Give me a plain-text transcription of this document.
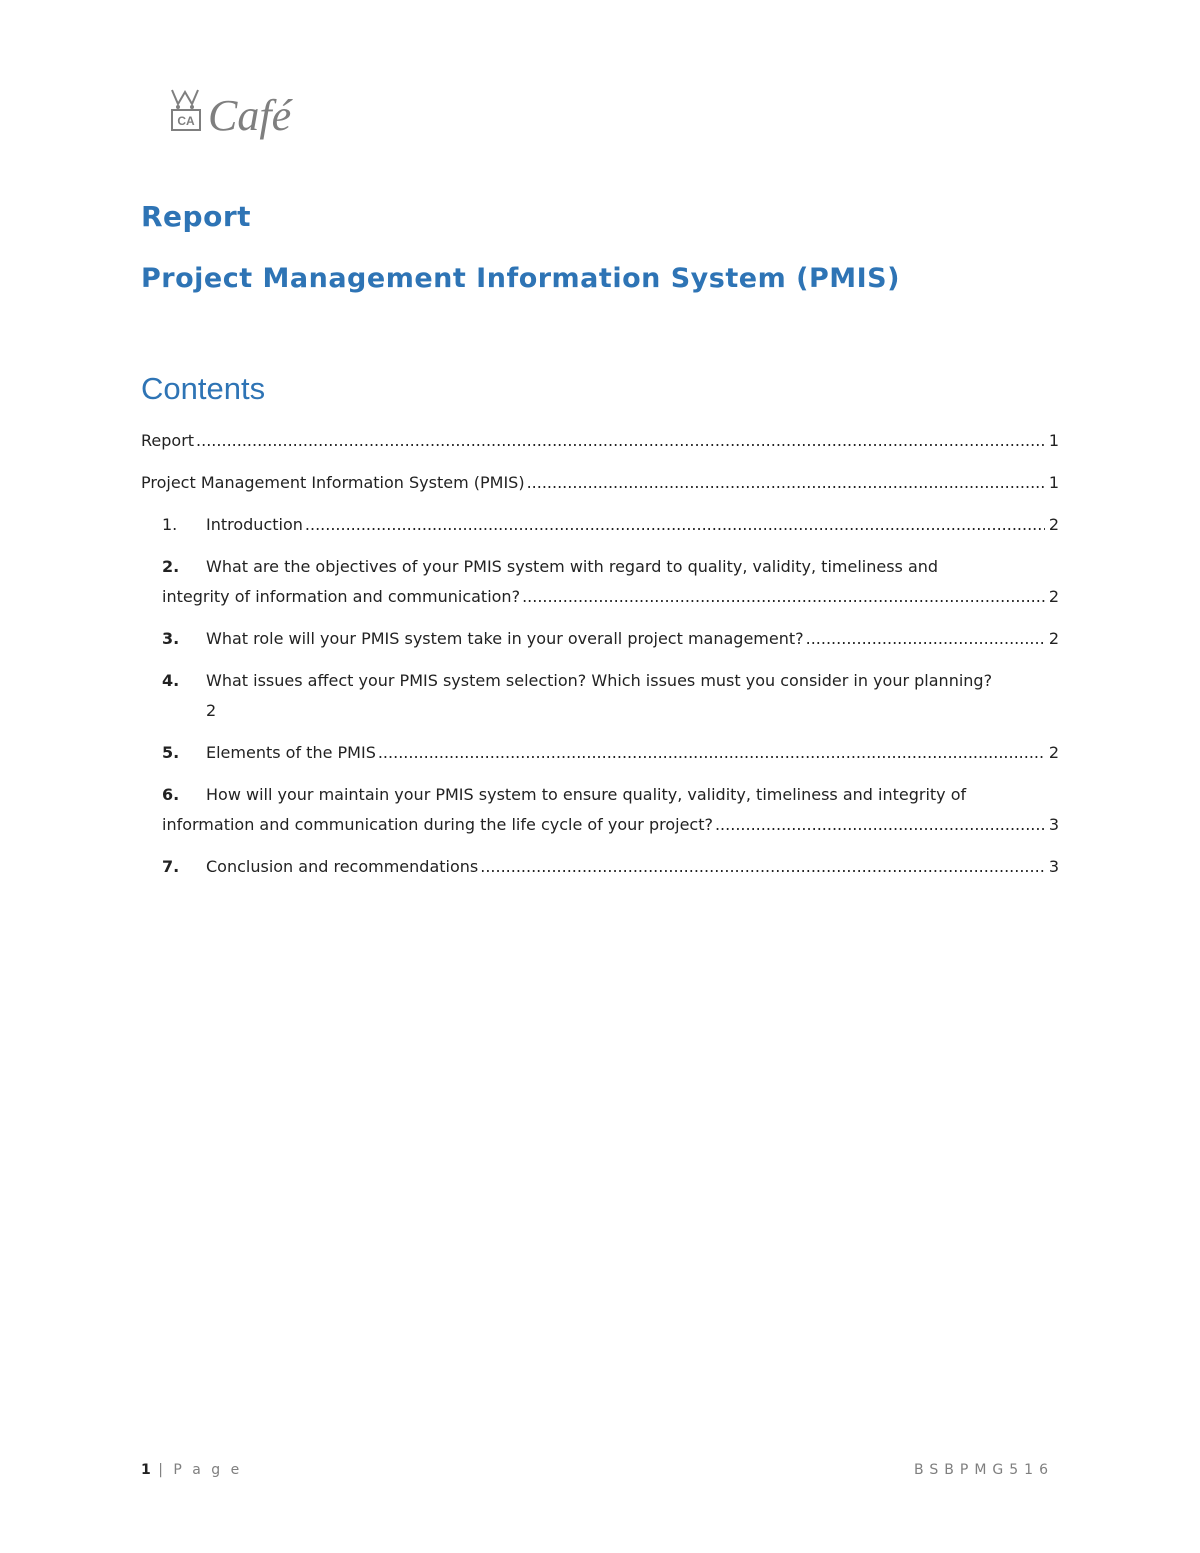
CA Café
Report
Project Management Information System (PMIS)
Contents
Report .....	1
Project Management Information System (PMIS) .....	1
1.	Introduction .....	2
2.	What are the objectives of your PMIS system with regard to quality, validity, timeliness and
integrity of information and communication? .....	2
3.	What role will your PMIS system take in your overall project management? .....	2
4.	What issues affect your PMIS system selection? Which issues must you consider in your planning?
2
5.	Elements of the PMIS .....	2
6.	How will your maintain your PMIS system to ensure quality, validity, timeliness and integrity of
information and communication during the life cycle of your project? .....	3
7.	Conclusion and recommendations .....	3
1 | P a g e	BSBPMG516
